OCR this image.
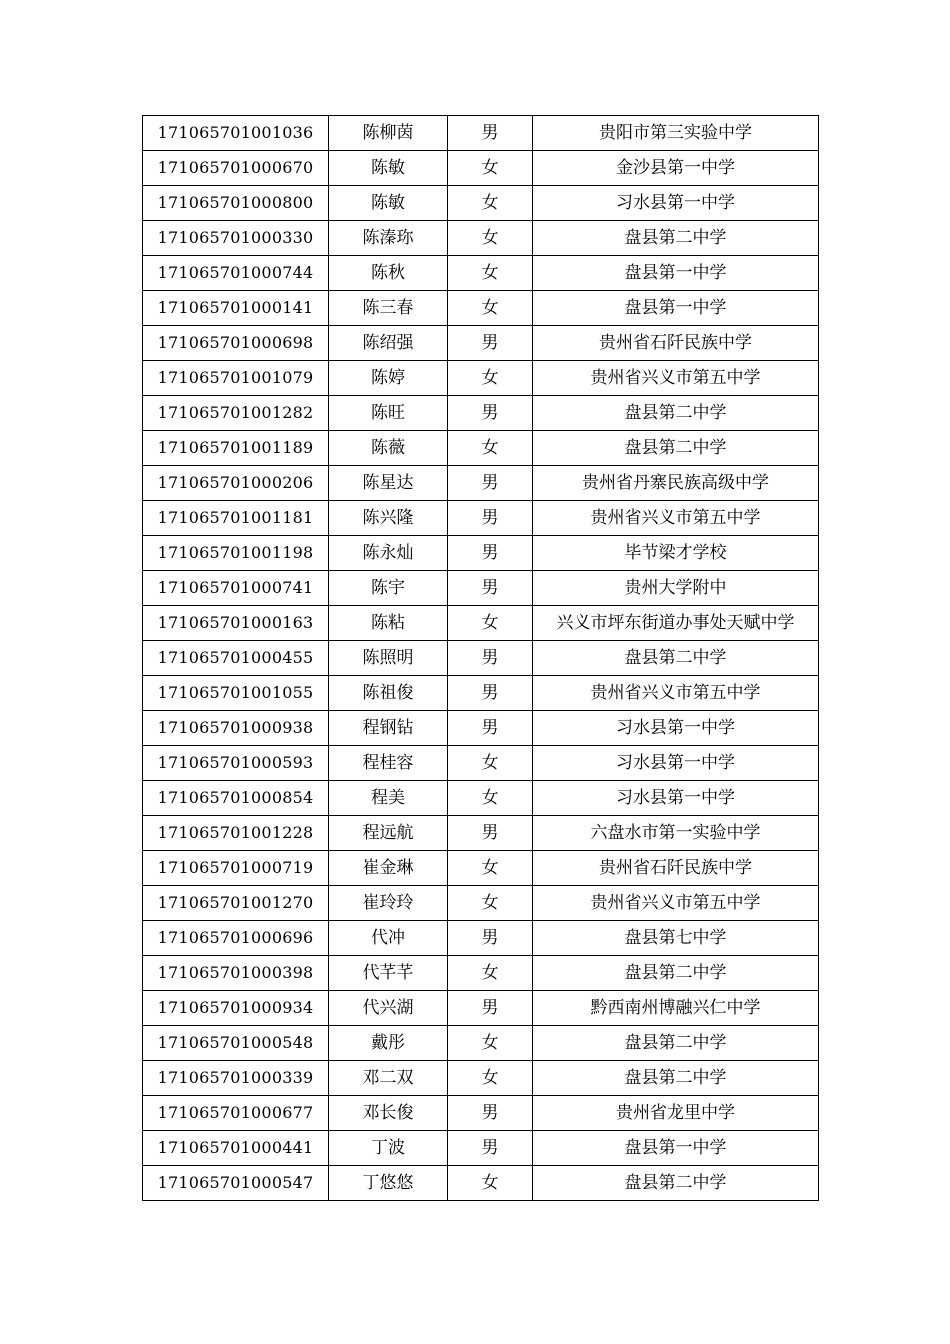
171065701001036	陈柳茵	男	贵阳市第三实验中学
171065701000670	陈敏	女	金沙县第一中学
171065701000800	陈敏	女	习水县第一中学
171065701000330	陈溱珎	女	盘县第二中学
171065701000744	陈秋	女	盘县第一中学
171065701000141	陈三春	女	盘县第一中学
171065701000698	陈绍强	男	贵州省石阡民族中学
171065701001079	陈婷	女	贵州省兴义市第五中学
171065701001282	陈旺	男	盘县第二中学
171065701001189	陈薇	女	盘县第二中学
171065701000206	陈星达	男	贵州省丹寨民族高级中学
171065701001181	陈兴隆	男	贵州省兴义市第五中学
171065701001198	陈永灿	男	毕节梁才学校
171065701000741	陈宇	男	贵州大学附中
171065701000163	陈粘	女	兴义市坪东街道办事处天赋中学
171065701000455	陈照明	男	盘县第二中学
171065701001055	陈祖俊	男	贵州省兴义市第五中学
171065701000938	程钢钻	男	习水县第一中学
171065701000593	程桂容	女	习水县第一中学
171065701000854	程美	女	习水县第一中学
171065701001228	程远航	男	六盘水市第一实验中学
171065701000719	崔金琳	女	贵州省石阡民族中学
171065701001270	崔玲玲	女	贵州省兴义市第五中学
171065701000696	代冲	男	盘县第七中学
171065701000398	代芊芊	女	盘县第二中学
171065701000934	代兴湖	男	黔西南州博融兴仁中学
171065701000548	戴彤	女	盘县第二中学
171065701000339	邓二双	女	盘县第二中学
171065701000677	邓长俊	男	贵州省龙里中学
171065701000441	丁波	男	盘县第一中学
171065701000547	丁悠悠	女	盘县第二中学
